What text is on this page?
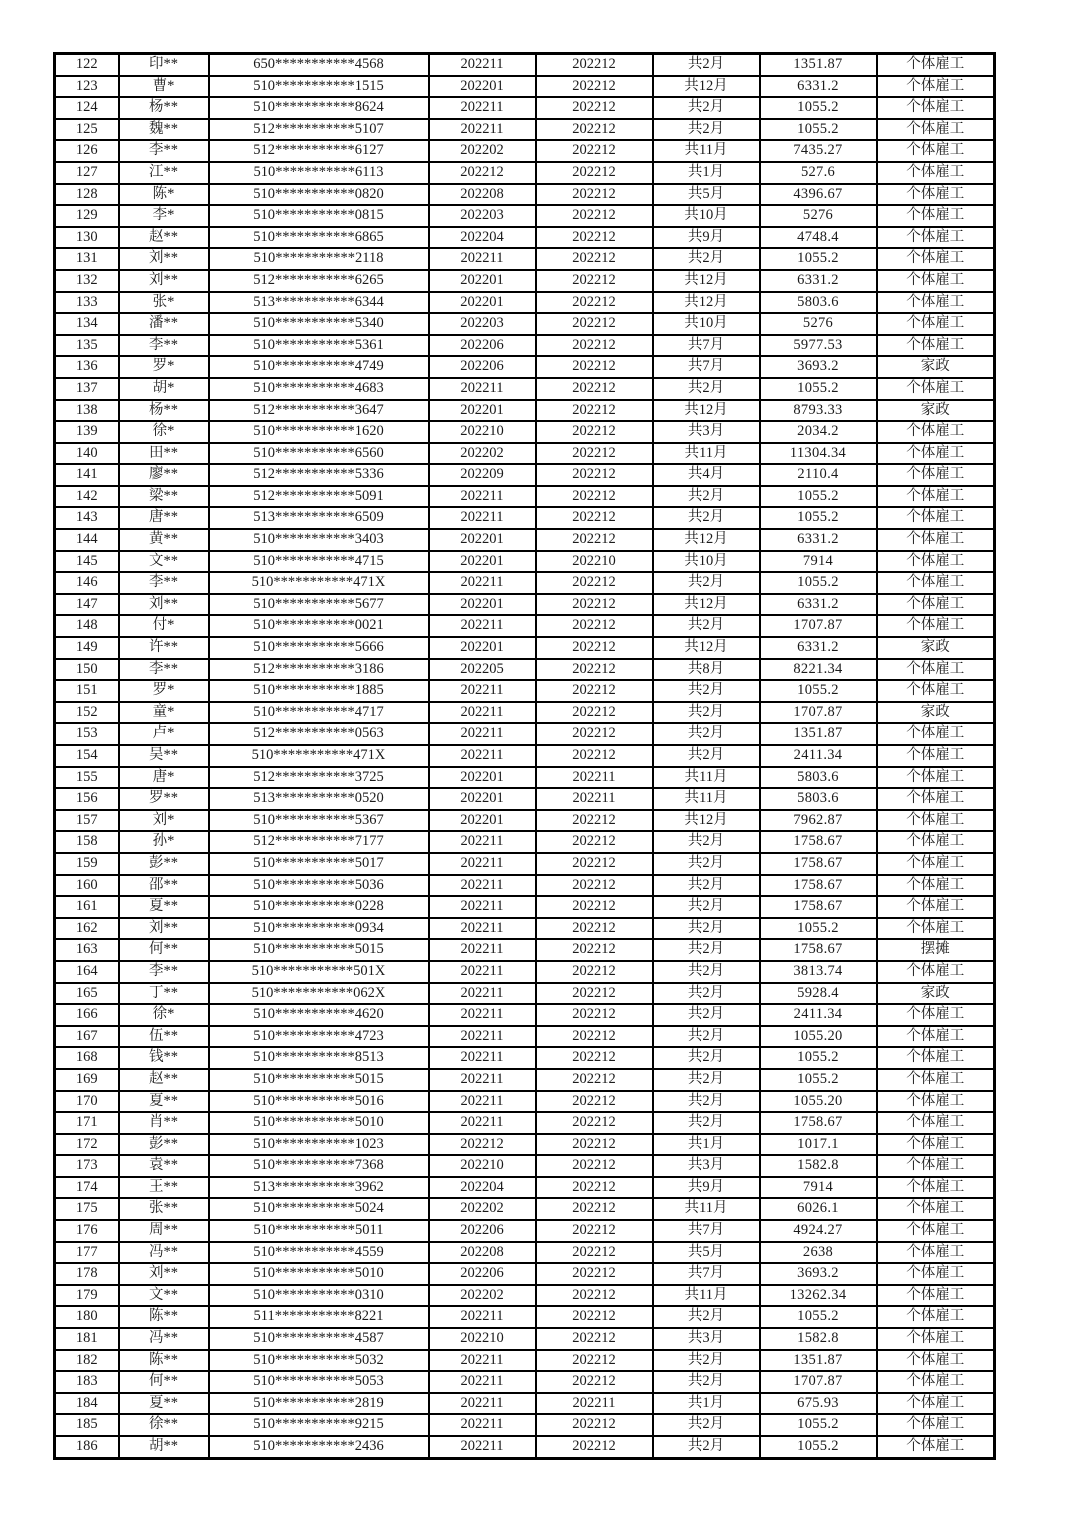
122	印**	650***********4568	202211	202212	共2月	1351.87	个体雇工
123	曹*	510***********1515	202201	202212	共12月	6331.2	个体雇工
124	杨**	510***********8624	202211	202212	共2月	1055.2	个体雇工
125	魏**	512***********5107	202211	202212	共2月	1055.2	个体雇工
126	李**	512***********6127	202202	202212	共11月	7435.27	个体雇工
127	江**	510***********6113	202212	202212	共1月	527.6	个体雇工
128	陈*	510***********0820	202208	202212	共5月	4396.67	个体雇工
129	李*	510***********0815	202203	202212	共10月	5276	个体雇工
130	赵**	510***********6865	202204	202212	共9月	4748.4	个体雇工
131	刘**	510***********2118	202211	202212	共2月	1055.2	个体雇工
132	刘**	512***********6265	202201	202212	共12月	6331.2	个体雇工
133	张*	513***********6344	202201	202212	共12月	5803.6	个体雇工
134	潘**	510***********5340	202203	202212	共10月	5276	个体雇工
135	李**	510***********5361	202206	202212	共7月	5977.53	个体雇工
136	罗*	510***********4749	202206	202212	共7月	3693.2	家政
137	胡*	510***********4683	202211	202212	共2月	1055.2	个体雇工
138	杨**	512***********3647	202201	202212	共12月	8793.33	家政
139	徐*	510***********1620	202210	202212	共3月	2034.2	个体雇工
140	田**	510***********6560	202202	202212	共11月	11304.34	个体雇工
141	廖**	512***********5336	202209	202212	共4月	2110.4	个体雇工
142	梁**	512***********5091	202211	202212	共2月	1055.2	个体雇工
143	唐**	513***********6509	202211	202212	共2月	1055.2	个体雇工
144	黄**	510***********3403	202201	202212	共12月	6331.2	个体雇工
145	文**	510***********4715	202201	202210	共10月	7914	个体雇工
146	李**	510***********471X	202211	202212	共2月	1055.2	个体雇工
147	刘**	510***********5677	202201	202212	共12月	6331.2	个体雇工
148	付*	510***********0021	202211	202212	共2月	1707.87	个体雇工
149	许**	510***********5666	202201	202212	共12月	6331.2	家政
150	李**	512***********3186	202205	202212	共8月	8221.34	个体雇工
151	罗*	510***********1885	202211	202212	共2月	1055.2	个体雇工
152	童*	510***********4717	202211	202212	共2月	1707.87	家政
153	卢*	512***********0563	202211	202212	共2月	1351.87	个体雇工
154	吴**	510***********471X	202211	202212	共2月	2411.34	个体雇工
155	唐*	512***********3725	202201	202211	共11月	5803.6	个体雇工
156	罗**	513***********0520	202201	202211	共11月	5803.6	个体雇工
157	刘*	510***********5367	202201	202212	共12月	7962.87	个体雇工
158	孙*	512***********7177	202211	202212	共2月	1758.67	个体雇工
159	彭**	510***********5017	202211	202212	共2月	1758.67	个体雇工
160	邵**	510***********5036	202211	202212	共2月	1758.67	个体雇工
161	夏**	510***********0228	202211	202212	共2月	1758.67	个体雇工
162	刘**	510***********0934	202211	202212	共2月	1055.2	个体雇工
163	何**	510***********5015	202211	202212	共2月	1758.67	摆摊
164	李**	510***********501X	202211	202212	共2月	3813.74	个体雇工
165	丁**	510***********062X	202211	202212	共2月	5928.4	家政
166	徐*	510***********4620	202211	202212	共2月	2411.34	个体雇工
167	伍**	510***********4723	202211	202212	共2月	1055.20	个体雇工
168	钱**	510***********8513	202211	202212	共2月	1055.2	个体雇工
169	赵**	510***********5015	202211	202212	共2月	1055.2	个体雇工
170	夏**	510***********5016	202211	202212	共2月	1055.20	个体雇工
171	肖**	510***********5010	202211	202212	共2月	1758.67	个体雇工
172	彭**	510***********1023	202212	202212	共1月	1017.1	个体雇工
173	袁**	510***********7368	202210	202212	共3月	1582.8	个体雇工
174	王**	513***********3962	202204	202212	共9月	7914	个体雇工
175	张**	510***********5024	202202	202212	共11月	6026.1	个体雇工
176	周**	510***********5011	202206	202212	共7月	4924.27	个体雇工
177	冯**	510***********4559	202208	202212	共5月	2638	个体雇工
178	刘**	510***********5010	202206	202212	共7月	3693.2	个体雇工
179	文**	510***********0310	202202	202212	共11月	13262.34	个体雇工
180	陈**	511***********8221	202211	202212	共2月	1055.2	个体雇工
181	冯**	510***********4587	202210	202212	共3月	1582.8	个体雇工
182	陈**	510***********5032	202211	202212	共2月	1351.87	个体雇工
183	何**	510***********5053	202211	202212	共2月	1707.87	个体雇工
184	夏**	510***********2819	202211	202211	共1月	675.93	个体雇工
185	徐**	510***********9215	202211	202212	共2月	1055.2	个体雇工
186	胡**	510***********2436	202211	202212	共2月	1055.2	个体雇工
